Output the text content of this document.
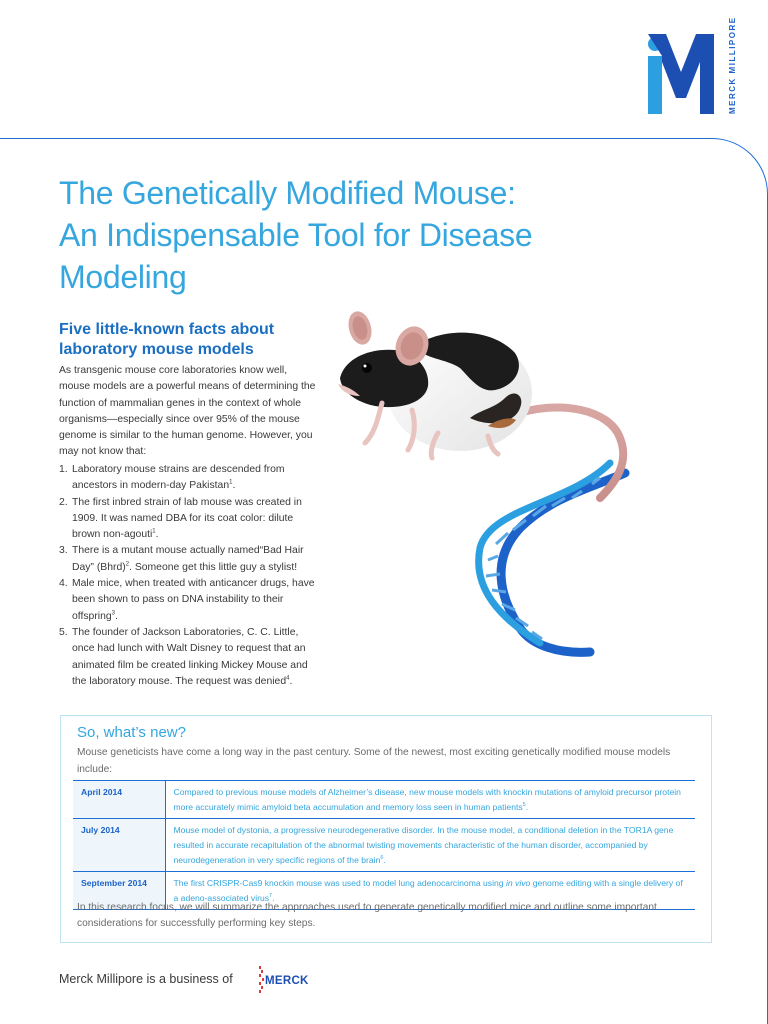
MERCK MILLIPORE
The Genetically Modified Mouse:
An Indispensable Tool for Disease
Modeling
Five little-known facts about
laboratory mouse models

As transgenic mouse core laboratories know well, mouse models are a powerful means of determining the function of mammalian genes in the context of whole organisms—especially since over 95% of the mouse genome is similar to the human genome. However, you may not know that:

1. Laboratory mouse strains are descended from ancestors in modern-day Pakistan$^1$.
2. The first inbred strain of lab mouse was created in 1909. It was named DBA for its coat color: dilute brown non-agouti$^1$.
3. There is a mutant mouse actually named“Bad Hair Day” (Bhrd)$^2$. Someone get this little guy a stylist!
4. Male mice, when treated with anticancer drugs, have been shown to pass on DNA instability to their offspring$^3$.
5. The founder of Jackson Laboratories, C. C. Little, once had lunch with Walt Disney to request that an animated film be created linking Mickey Mouse and the laboratory mouse. The request was denied$^4$.
So, what’s new?

Mouse geneticists have come a long way in the past century. Some of the newest, most exciting genetically modified mouse models include:

April 2014	Compared to previous mouse models of Alzheimer’s disease, new mouse models with knockin mutations of amyloid precursor protein more accurately mimic amyloid beta accumulation and memory loss seen in human patients$^5$.
July 2014	Mouse model of dystonia, a progressive neurodegenerative disorder. In the mouse model, a conditional deletion in the TOR1A gene resulted in accurate recapitulation of the abnormal twisting movements characteristic of the human disorder, accompanied by neurodegeneration in very specific regions of the brain$^6$.
September 2014	The first CRISPR-Cas9 knockin mouse was used to model lung adenocarcinoma using in vivo genome editing with a single delivery of a adeno-associated virus$^7$.

In this research focus, we will summarize the approaches used to generate genetically modified mice and outline some important considerations for successfully performing key steps.

Merck Millipore is a business of	MERCK
